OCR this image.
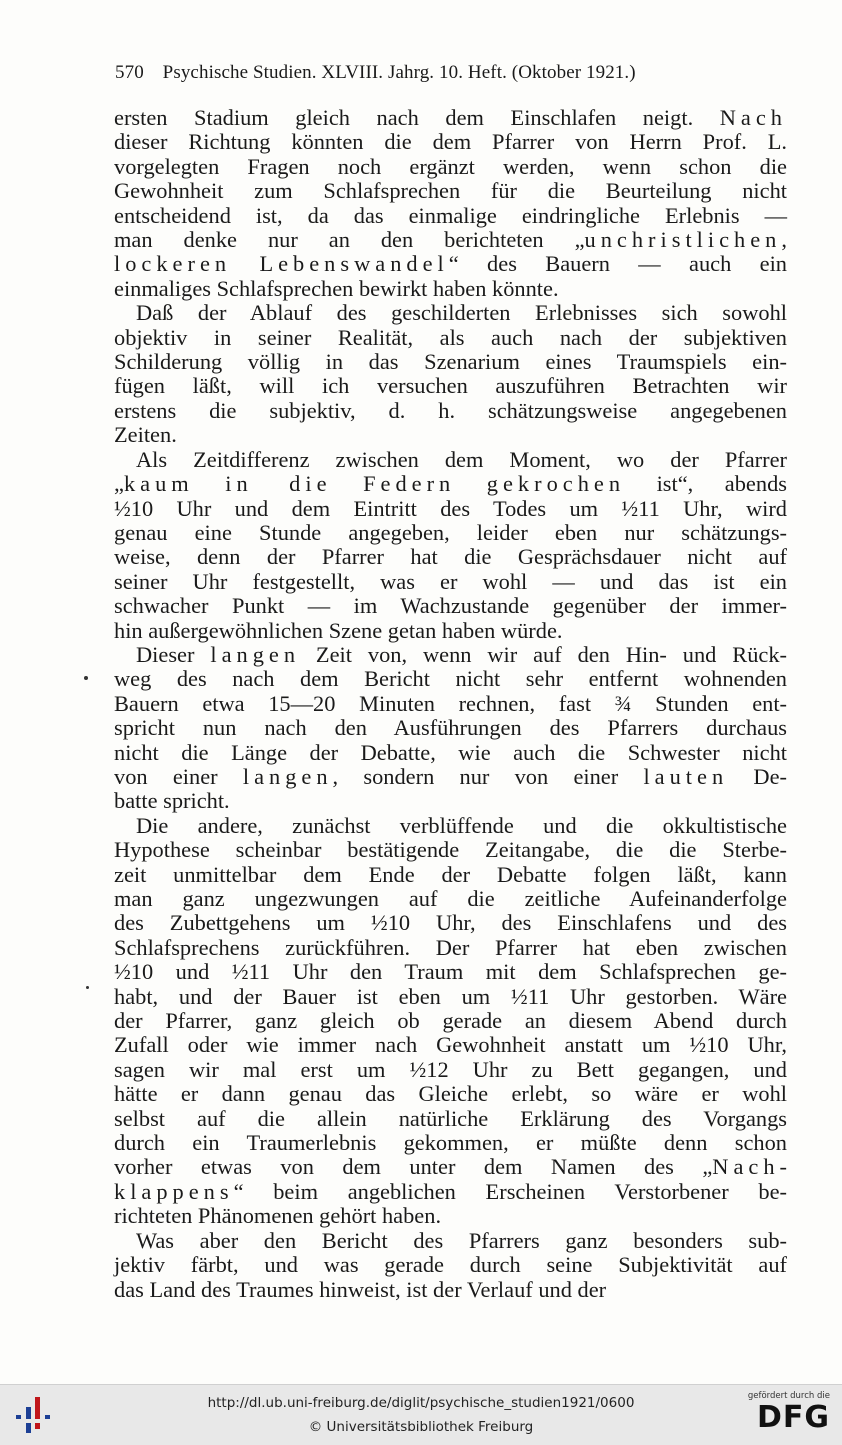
570 Psychische Studien. XLVIII. Jahrg. 10. Heft. (Oktober 1921.)
ersten Stadium gleich nach dem Einschlafen neigt. Nach
dieser Richtung könnten die dem Pfarrer von Herrn Prof. L.
vorgelegten Fragen noch ergänzt werden, wenn schon die
Gewohnheit zum Schlafsprechen für die Beurteilung nicht
entscheidend ist, da das einmalige eindringliche Erlebnis —
man denke nur an den berichteten „unchristlichen,
lockeren Lebenswandel“ des Bauern — auch ein
einmaliges Schlafsprechen bewirkt haben könnte.
Daß der Ablauf des geschilderten Erlebnisses sich sowohl
objektiv in seiner Realität, als auch nach der subjektiven
Schilderung völlig in das Szenarium eines Traumspiels ein-
fügen läßt, will ich versuchen auszuführen Betrachten wir
erstens die subjektiv, d. h. schätzungsweise angegebenen
Zeiten.
Als Zeitdifferenz zwischen dem Moment, wo der Pfarrer
„kaum in die Federn gekrochen ist“, abends
½10 Uhr und dem Eintritt des Todes um ½11 Uhr, wird
genau eine Stunde angegeben, leider eben nur schätzungs-
weise, denn der Pfarrer hat die Gesprächsdauer nicht auf
seiner Uhr festgestellt, was er wohl — und das ist ein
schwacher Punkt — im Wachzustande gegenüber der immer-
hin außergewöhnlichen Szene getan haben würde.
Dieser langen Zeit von, wenn wir auf den Hin- und Rück-
weg des nach dem Bericht nicht sehr entfernt wohnenden
Bauern etwa 15—20 Minuten rechnen, fast ¾ Stunden ent-
spricht nun nach den Ausführungen des Pfarrers durchaus
nicht die Länge der Debatte, wie auch die Schwester nicht
von einer langen, sondern nur von einer lauten De-
batte spricht.
Die andere, zunächst verblüffende und die okkultistische
Hypothese scheinbar bestätigende Zeitangabe, die die Sterbe-
zeit unmittelbar dem Ende der Debatte folgen läßt, kann
man ganz ungezwungen auf die zeitliche Aufeinanderfolge
des Zubettgehens um ½10 Uhr, des Einschlafens und des
Schlafsprechens zurückführen. Der Pfarrer hat eben zwischen
½10 und ½11 Uhr den Traum mit dem Schlafsprechen ge-
habt, und der Bauer ist eben um ½11 Uhr gestorben. Wäre
der Pfarrer, ganz gleich ob gerade an diesem Abend durch
Zufall oder wie immer nach Gewohnheit anstatt um ½10 Uhr,
sagen wir mal erst um ½12 Uhr zu Bett gegangen, und
hätte er dann genau das Gleiche erlebt, so wäre er wohl
selbst auf die allein natürliche Erklärung des Vorgangs
durch ein Traumerlebnis gekommen, er müßte denn schon
vorher etwas von dem unter dem Namen des „Nach-
klappens“ beim angeblichen Erscheinen Verstorbener be-
richteten Phänomenen gehört haben.
Was aber den Bericht des Pfarrers ganz besonders sub-
jektiv färbt, und was gerade durch seine Subjektivität auf
das Land des Traumes hinweist, ist der Verlauf und der
http://dl.ub.uni-freiburg.de/diglit/psychische_studien1921/0600
© Universitätsbibliothek Freiburg
gefördert durch die
DFG
